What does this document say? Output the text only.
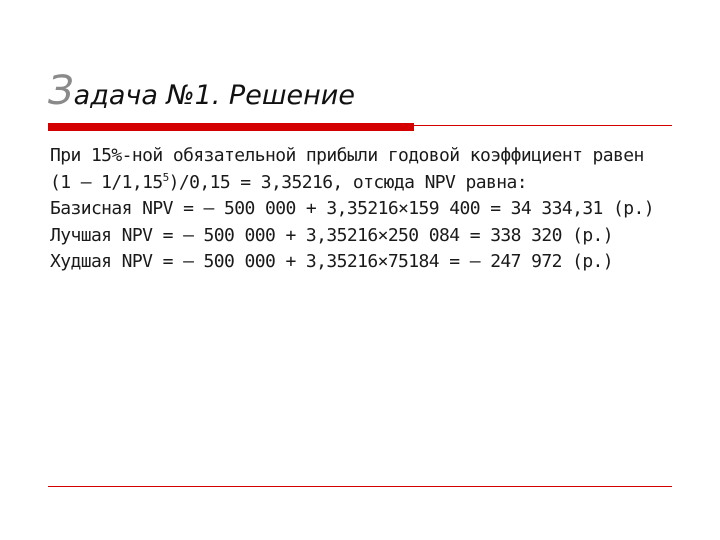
Задача №1. Решение

При 15%-ной обязательной прибыли годовой коэффициент равен

$(1 - 1/1,15^5)/0,15 = 3,35216$, отсюда NPV равна:

Базисная NPV = – 500 000 + 3,35216×159 400 = 34 334,31 (р.)

Лучшая NPV = – 500 000 + 3,35216×250 084 = 338 320 (р.)

Худшая NPV = – 500 000 + 3,35216×75184 = – 247 972 (р.)
